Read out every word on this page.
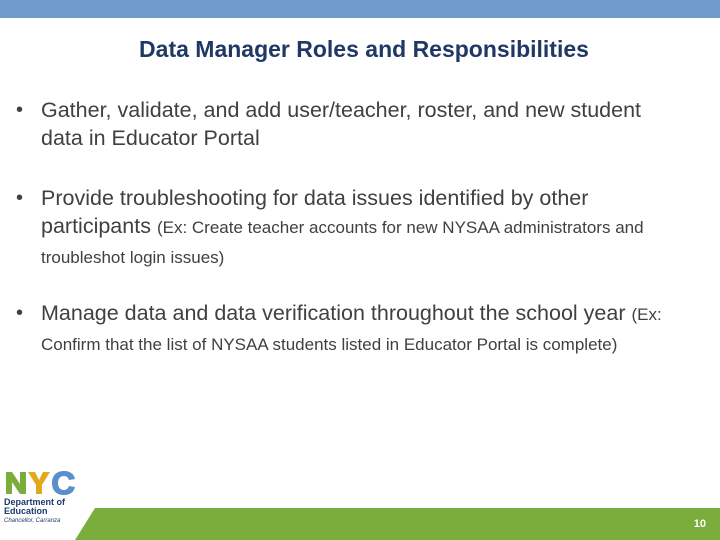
Data Manager Roles and Responsibilities
• Gather, validate, and add user/teacher, roster, and new student data in Educator Portal
• Provide troubleshooting for data issues identified by other participants (Ex: Create teacher accounts for new NYSAA administrators and troubleshot login issues)
• Manage data and data verification throughout the school year (Ex: Confirm that the list of NYSAA students listed in Educator Portal is complete)
Department of
Education
Chancellor, Carranza	10
